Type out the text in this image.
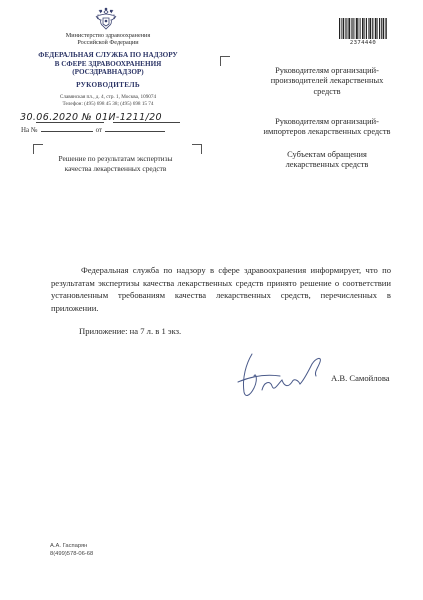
Министерство здравоохранения
Российской Федерации
ФЕДЕРАЛЬНАЯ СЛУЖБА ПО НАДЗОРУ
В СФЕРЕ ЗДРАВООХРАНЕНИЯ
(РОСЗДРАВНАДЗОР)
РУКОВОДИТЕЛЬ
Славянская пл., д. 4, стр. 1, Москва, 109074
Телефон: (495) 698 45 38; (495) 698 15 74
30.06.2020 № 01И-1211/20
На №	от
Решение по результатам экспертизы
качества лекарственных средств
2374440
Руководителям организаций-
производителей лекарственных
средств
Руководителям организаций-
импортеров лекарственных средств
Субъектам обращения
лекарственных средств
Федеральная служба по надзору в сфере здравоохранения информирует, что по результатам экспертизы качества лекарственных средств принято решение о соответствии установленным требованиям качества лекарственных средств, перечисленных в приложении.
Приложение: на 7 л. в 1 экз.
А.В. Самойлова
А.А. Гаспарян
8(499)578-06-68
